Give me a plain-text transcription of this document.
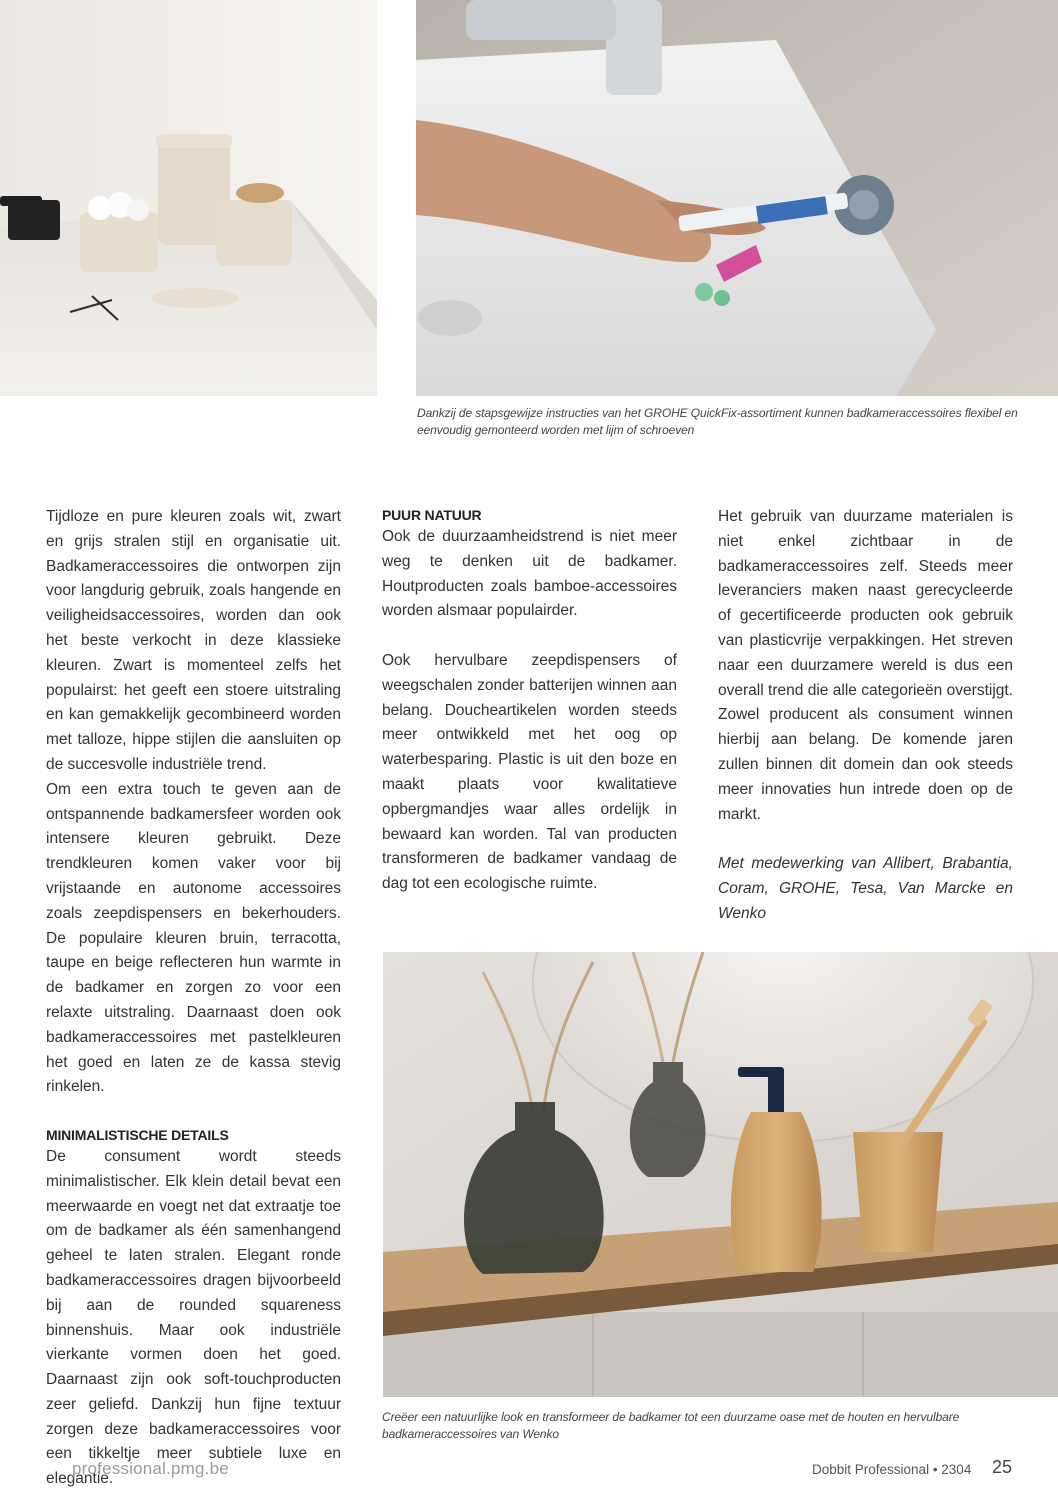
Dankzij de stapsgewijze instructies van het GROHE QuickFix-assortiment kunnen badkameraccessoires flexibel en eenvoudig gemonteerd worden met lijm of schroeven

Tijdloze en pure kleuren zoals wit, zwart en grijs stralen stijl en organisatie uit. Badkameraccessoires die ontworpen zijn voor langdurig gebruik, zoals hangende en veiligheidsaccessoires, worden dan ook het beste verkocht in deze klassieke kleuren. Zwart is momenteel zelfs het populairst: het geeft een stoere uitstraling en kan gemakkelijk gecombineerd worden met talloze, hippe stijlen die aansluiten op de succesvolle industriële trend.

Om een extra touch te geven aan de ontspannende badkamersfeer worden ook intensere kleuren gebruikt. Deze trendkleuren komen vaker voor bij vrijstaande en autonome accessoires zoals zeepdispensers en bekerhouders. De populaire kleuren bruin, terracotta, taupe en beige reflecteren hun warmte in de badkamer en zorgen zo voor een relaxte uitstraling. Daarnaast doen ook badkameraccessoires met pastelkleuren het goed en laten ze de kassa stevig rinkelen.

MINIMALISTISCHE DETAILS

De consument wordt steeds minimalistischer. Elk klein detail bevat een meerwaarde en voegt net dat extraatje toe om de badkamer als één samenhangend geheel te laten stralen. Elegant ronde badkameraccessoires dragen bijvoorbeeld bij aan de rounded squareness binnenshuis. Maar ook industriële vierkante vormen doen het goed. Daarnaast zijn ook soft-touchproducten zeer geliefd. Dankzij hun fijne textuur zorgen deze badkameraccessoires voor een tikkeltje meer subtiele luxe en elegantie.

PUUR NATUUR

Ook de duurzaamheidstrend is niet meer weg te denken uit de badkamer. Houtproducten zoals bamboe-accessoires worden alsmaar populairder.

Ook hervulbare zeepdispensers of weegschalen zonder batterijen winnen aan belang. Doucheartikelen worden steeds meer ontwikkeld met het oog op waterbesparing. Plastic is uit den boze en maakt plaats voor kwalitatieve opbergmandjes waar alles ordelijk in bewaard kan worden. Tal van producten transformeren de badkamer vandaag de dag tot een ecologische ruimte.

Het gebruik van duurzame materialen is niet enkel zichtbaar in de badkameraccessoires zelf. Steeds meer leveranciers maken naast gerecycleerde of gecertificeerde producten ook gebruik van plasticvrije verpakkingen. Het streven naar een duurzamere wereld is dus een overall trend die alle categorieën overstijgt. Zowel producent als consument winnen hierbij aan belang. De komende jaren zullen binnen dit domein dan ook steeds meer innovaties hun intrede doen op de markt.

Met medewerking van Allibert, Brabantia, Coram, GROHE, Tesa, Van Marcke en Wenko

Creëer een natuurlijke look en transformeer de badkamer tot een duurzame oase met de houten en hervulbare badkameraccessoires van Wenko
professional.pmg.be	Dobbit Professional • 2304 25
